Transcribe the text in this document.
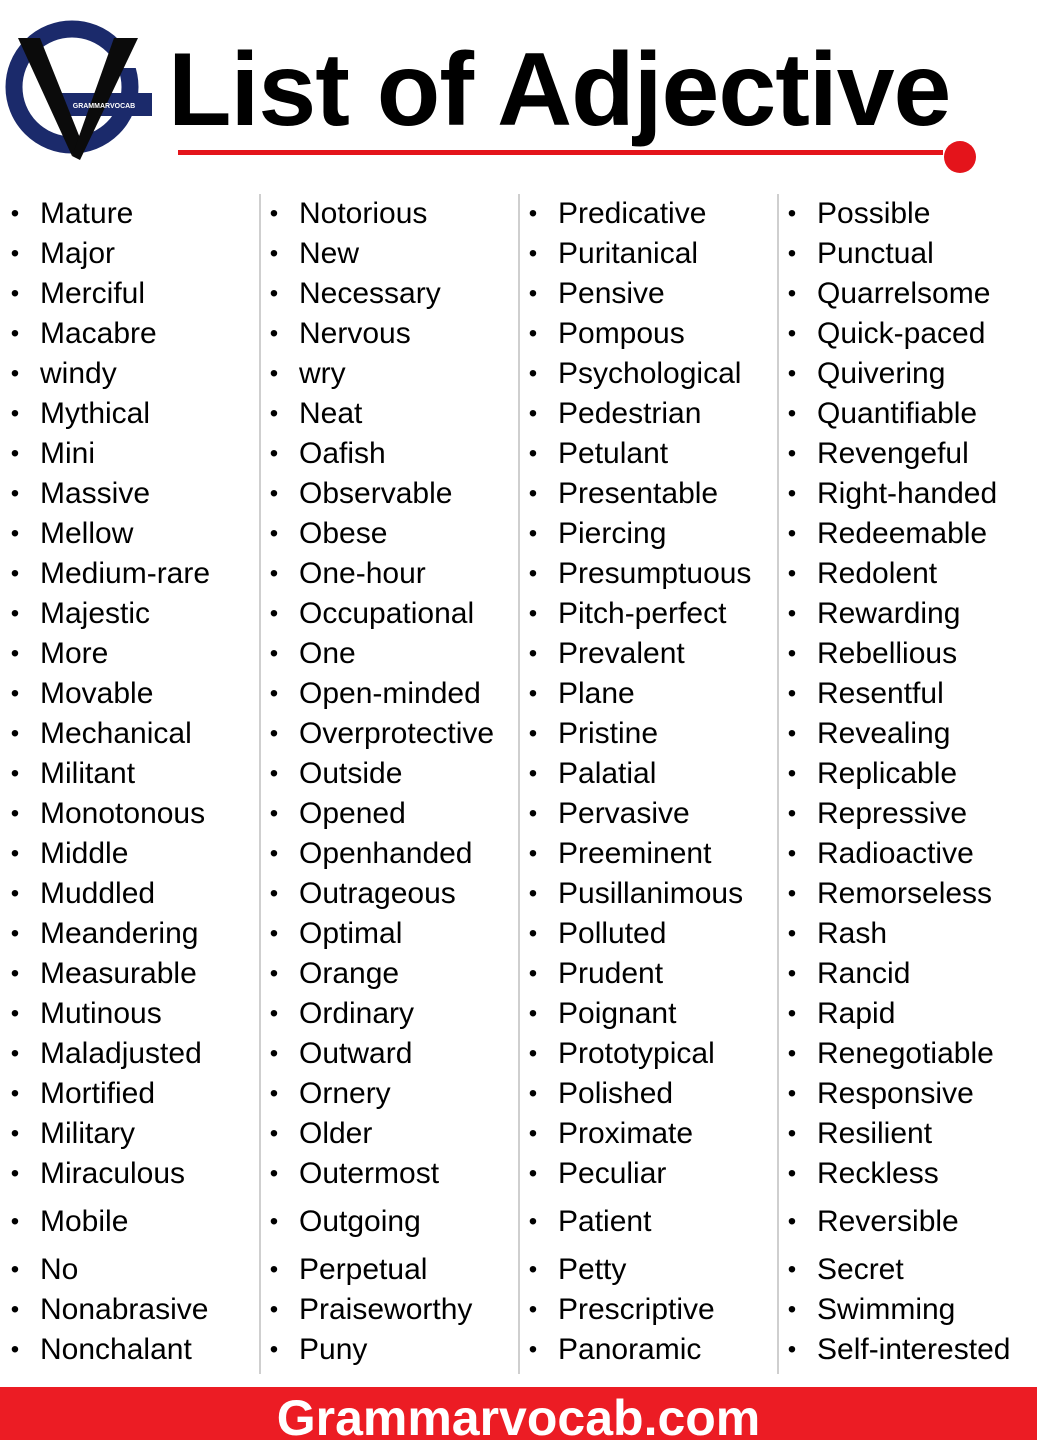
GRAMMARVOCAB List of Adjective
• Mature
• Major
• Merciful
• Macabre
• windy
• Mythical
• Mini
• Massive
• Mellow
• Medium-rare
• Majestic
• More
• Movable
• Mechanical
• Militant
• Monotonous
• Middle
• Muddled
• Meandering
• Measurable
• Mutinous
• Maladjusted
• Mortified
• Military
• Miraculous
• Mobile
• No
• Nonabrasive
• Nonchalant
• Notorious
• New
• Necessary
• Nervous
• wry
• Neat
• Oafish
• Observable
• Obese
• One-hour
• Occupational
• One
• Open-minded
• Overprotective
• Outside
• Opened
• Openhanded
• Outrageous
• Optimal
• Orange
• Ordinary
• Outward
• Ornery
• Older
• Outermost
• Outgoing
• Perpetual
• Praiseworthy
• Puny
• Predicative
• Puritanical
• Pensive
• Pompous
• Psychological
• Pedestrian
• Petulant
• Presentable
• Piercing
• Presumptuous
• Pitch-perfect
• Prevalent
• Plane
• Pristine
• Palatial
• Pervasive
• Preeminent
• Pusillanimous
• Polluted
• Prudent
• Poignant
• Prototypical
• Polished
• Proximate
• Peculiar
• Patient
• Petty
• Prescriptive
• Panoramic
• Possible
• Punctual
• Quarrelsome
• Quick-paced
• Quivering
• Quantifiable
• Revengeful
• Right-handed
• Redeemable
• Redolent
• Rewarding
• Rebellious
• Resentful
• Revealing
• Replicable
• Repressive
• Radioactive
• Remorseless
• Rash
• Rancid
• Rapid
• Renegotiable
• Responsive
• Resilient
• Reckless
• Reversible
• Secret
• Swimming
• Self-interested
Grammarvocab.com
